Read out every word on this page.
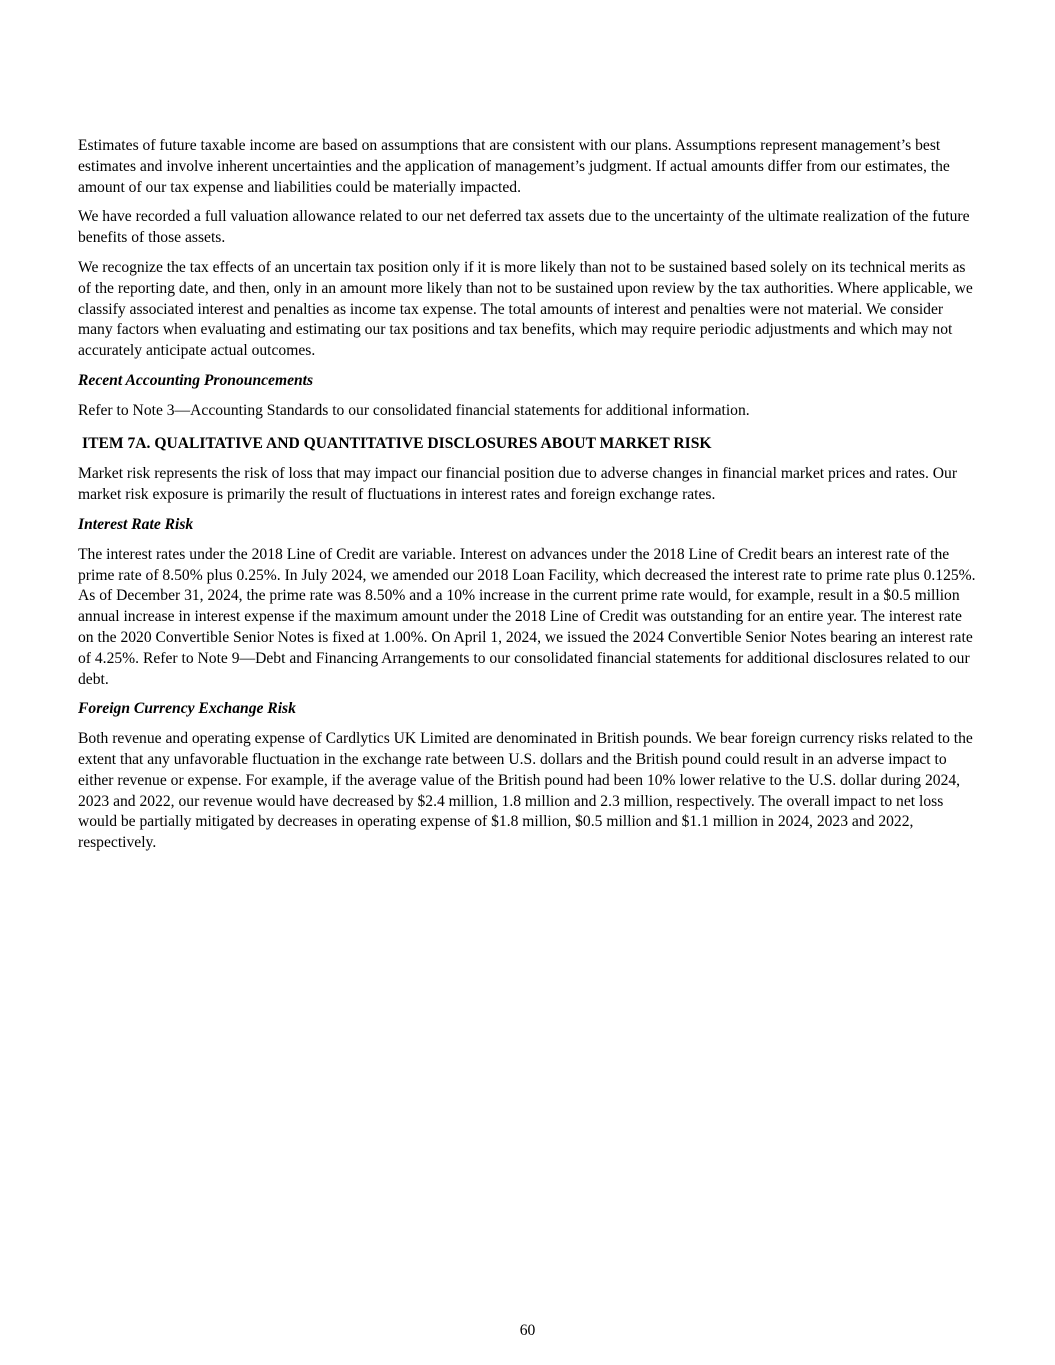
Estimates of future taxable income are based on assumptions that are consistent with our plans. Assumptions represent management’s best estimates and involve inherent uncertainties and the application of management’s judgment. If actual amounts differ from our estimates, the amount of our tax expense and liabilities could be materially impacted.

We have recorded a full valuation allowance related to our net deferred tax assets due to the uncertainty of the ultimate realization of the future benefits of those assets.

We recognize the tax effects of an uncertain tax position only if it is more likely than not to be sustained based solely on its technical merits as of the reporting date, and then, only in an amount more likely than not to be sustained upon review by the tax authorities. Where applicable, we classify associated interest and penalties as income tax expense. The total amounts of interest and penalties were not material. We consider many factors when evaluating and estimating our tax positions and tax benefits, which may require periodic adjustments and which may not accurately anticipate actual outcomes.

Recent Accounting Pronouncements

Refer to Note 3—Accounting Standards to our consolidated financial statements for additional information.

ITEM 7A. QUALITATIVE AND QUANTITATIVE DISCLOSURES ABOUT MARKET RISK

Market risk represents the risk of loss that may impact our financial position due to adverse changes in financial market prices and rates. Our market risk exposure is primarily the result of fluctuations in interest rates and foreign exchange rates.

Interest Rate Risk

The interest rates under the 2018 Line of Credit are variable. Interest on advances under the 2018 Line of Credit bears an interest rate of the prime rate of 8.50% plus 0.25%. In July 2024, we amended our 2018 Loan Facility, which decreased the interest rate to prime rate plus 0.125%. As of December 31, 2024, the prime rate was 8.50% and a 10% increase in the current prime rate would, for example, result in a $0.5 million annual increase in interest expense if the maximum amount under the 2018 Line of Credit was outstanding for an entire year. The interest rate on the 2020 Convertible Senior Notes is fixed at 1.00%. On April 1, 2024, we issued the 2024 Convertible Senior Notes bearing an interest rate of 4.25%. Refer to Note 9—Debt and Financing Arrangements to our consolidated financial statements for additional disclosures related to our debt.

Foreign Currency Exchange Risk

Both revenue and operating expense of Cardlytics UK Limited are denominated in British pounds. We bear foreign currency risks related to the extent that any unfavorable fluctuation in the exchange rate between U.S. dollars and the British pound could result in an adverse impact to either revenue or expense. For example, if the average value of the British pound had been 10% lower relative to the U.S. dollar during 2024, 2023 and 2022, our revenue would have decreased by $2.4 million, 1.8 million and 2.3 million, respectively. The overall impact to net loss would be partially mitigated by decreases in operating expense of $1.8 million, $0.5 million and $1.1 million in 2024, 2023 and 2022, respectively.

60
